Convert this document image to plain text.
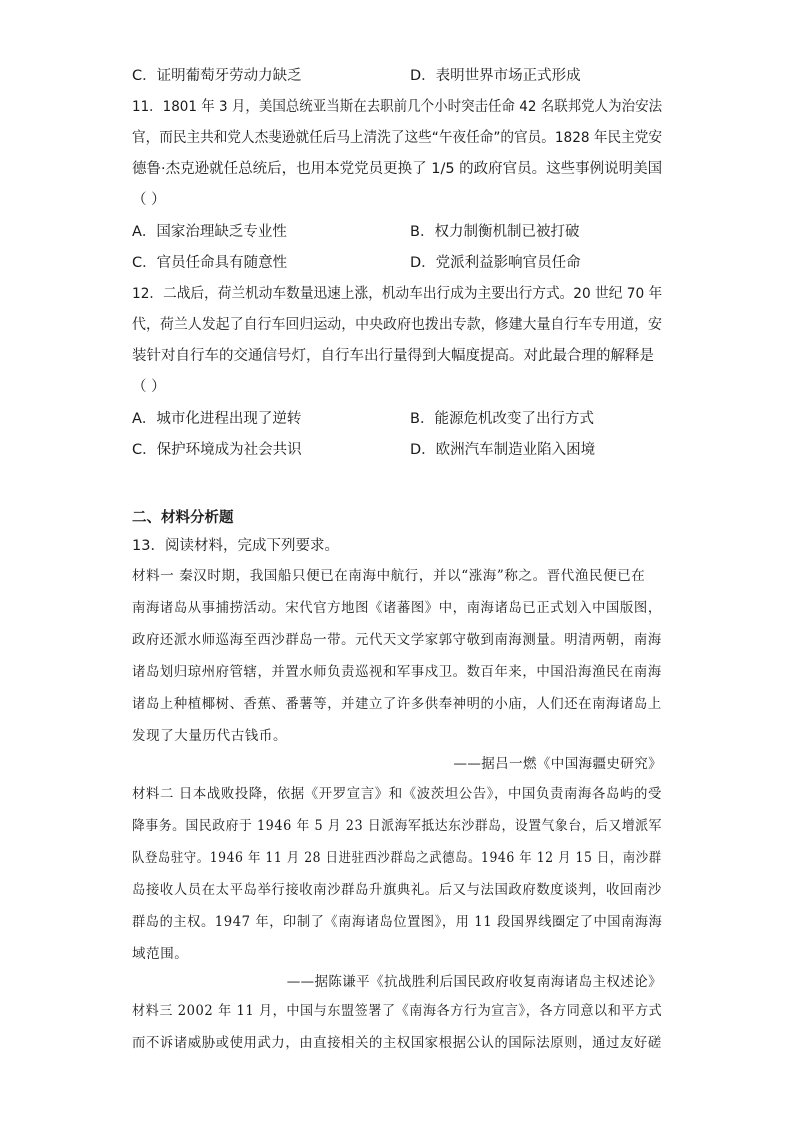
C．证明葡萄牙劳动力缺乏	D．表明世界市场正式形成
11．1801 年 3 月，美国总统亚当斯在去职前几个小时突击任命 42 名联邦党人为治安法
官，而民主共和党人杰斐逊就任后马上清洗了这些“午夜任命”的官员。1828 年民主党安
德鲁·杰克逊就任总统后，也用本党党员更换了 1/5 的政府官员。这些事例说明美国
（ ）
A．国家治理缺乏专业性	B．权力制衡机制已被打破
C．官员任命具有随意性	D．党派利益影响官员任命
12．二战后，荷兰机动车数量迅速上涨，机动车出行成为主要出行方式。20 世纪 70 年
代，荷兰人发起了自行车回归运动，中央政府也拨出专款，修建大量自行车专用道，安
装针对自行车的交通信号灯，自行车出行量得到大幅度提高。对此最合理的解释是
（ ）
A．城市化进程出现了逆转	B．能源危机改变了出行方式
C．保护环境成为社会共识	D．欧洲汽车制造业陷入困境
二、材料分析题
13．阅读材料，完成下列要求。
材料一 秦汉时期，我国船只便已在南海中航行，并以“涨海”称之。晋代渔民便已在
南海诸岛从事捕捞活动。宋代官方地图《诸蕃图》中，南海诸岛已正式划入中国版图，
政府还派水师巡海至西沙群岛一带。元代天文学家郭守敬到南海测量。明清两朝，南海
诸岛划归琼州府管辖，并置水师负责巡视和军事戍卫。数百年来，中国沿海渔民在南海
诸岛上种植椰树、香蕉、番薯等，并建立了许多供奉神明的小庙，人们还在南海诸岛上
发现了大量历代古钱币。
——据吕一燃《中国海疆史研究》
材料二 日本战败投降，依据《开罗宣言》和《波茨坦公告》，中国负责南海各岛屿的受
降事务。国民政府于 1946 年 5 月 23 日派海军抵达东沙群岛，设置气象台，后又增派军
队登岛驻守。1946 年 11 月 28 日进驻西沙群岛之武德岛。1946 年 12 月 15 日，南沙群
岛接收人员在太平岛举行接收南沙群岛升旗典礼。后又与法国政府数度谈判，收回南沙
群岛的主权。1947 年，印制了《南海诸岛位置图》，用 11 段国界线圈定了中国南海海
域范围。
——据陈谦平《抗战胜利后国民政府收复南海诸岛主权述论》
材料三 2002 年 11 月，中国与东盟签署了《南海各方行为宣言》，各方同意以和平方式
而不诉诸威胁或使用武力，由直接相关的主权国家根据公认的国际法原则，通过友好磋
